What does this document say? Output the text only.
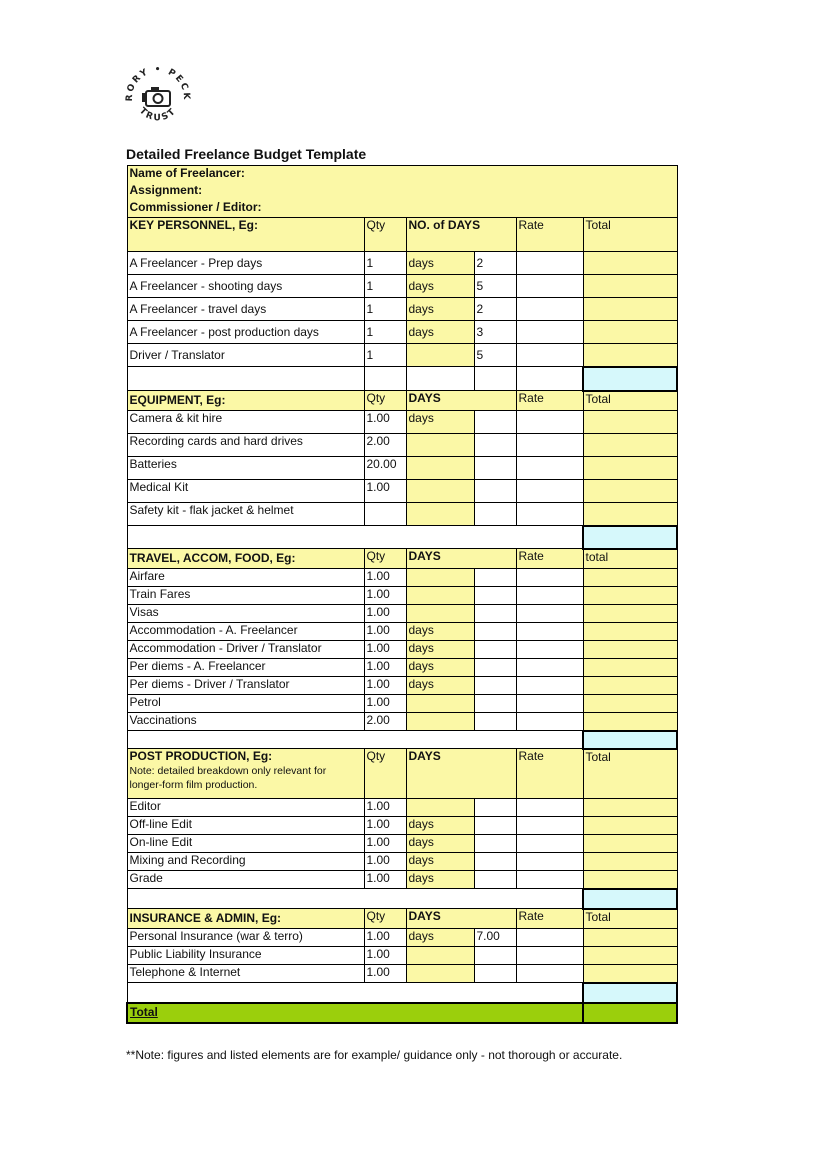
RORY • PECK
TRUST
Detailed Freelance Budget Template
Name of Freelancer:					
Assignment:					
Commissioner / Editor:					
KEY PERSONNEL, Eg:	Qty	NO. of DAYS		Rate	Total
A Freelancer - Prep days	1	days	2		
A Freelancer - shooting days	1	days	5		
A Freelancer - travel days	1	days	2		
A Freelancer - post production days	1	days	3		
Driver / Translator	1		5		

EQUIPMENT, Eg:	Qty	DAYS		Rate	Total
Camera & kit hire	1.00	days			
Recording cards and hard drives	2.00				
Batteries	20.00				
Medical Kit	1.00				
Safety kit - flak jacket & helmet					

TRAVEL, ACCOM, FOOD, Eg:	Qty	DAYS		Rate	total
Airfare	1.00				
Train Fares	1.00				
Visas	1.00				
Accommodation - A. Freelancer	1.00	days			
Accommodation - Driver / Translator	1.00	days			
Per diems - A. Freelancer	1.00	days			
Per diems - Driver / Translator	1.00	days			
Petrol	1.00				
Vaccinations	2.00				

POST PRODUCTION, Eg:
Note: detailed breakdown only relevant for longer-form film production.	Qty	DAYS		Rate	Total
Editor	1.00				
Off-line Edit	1.00	days			
On-line Edit	1.00	days			
Mixing and Recording	1.00	days			
Grade	1.00	days			

INSURANCE & ADMIN, Eg:	Qty	DAYS		Rate	Total
Personal Insurance (war & terro)	1.00	days	7.00		
Public Liability Insurance	1.00				
Telephone & Internet	1.00				

Total					
**Note: figures and listed elements are for example/ guidance only - not thorough or accurate.
